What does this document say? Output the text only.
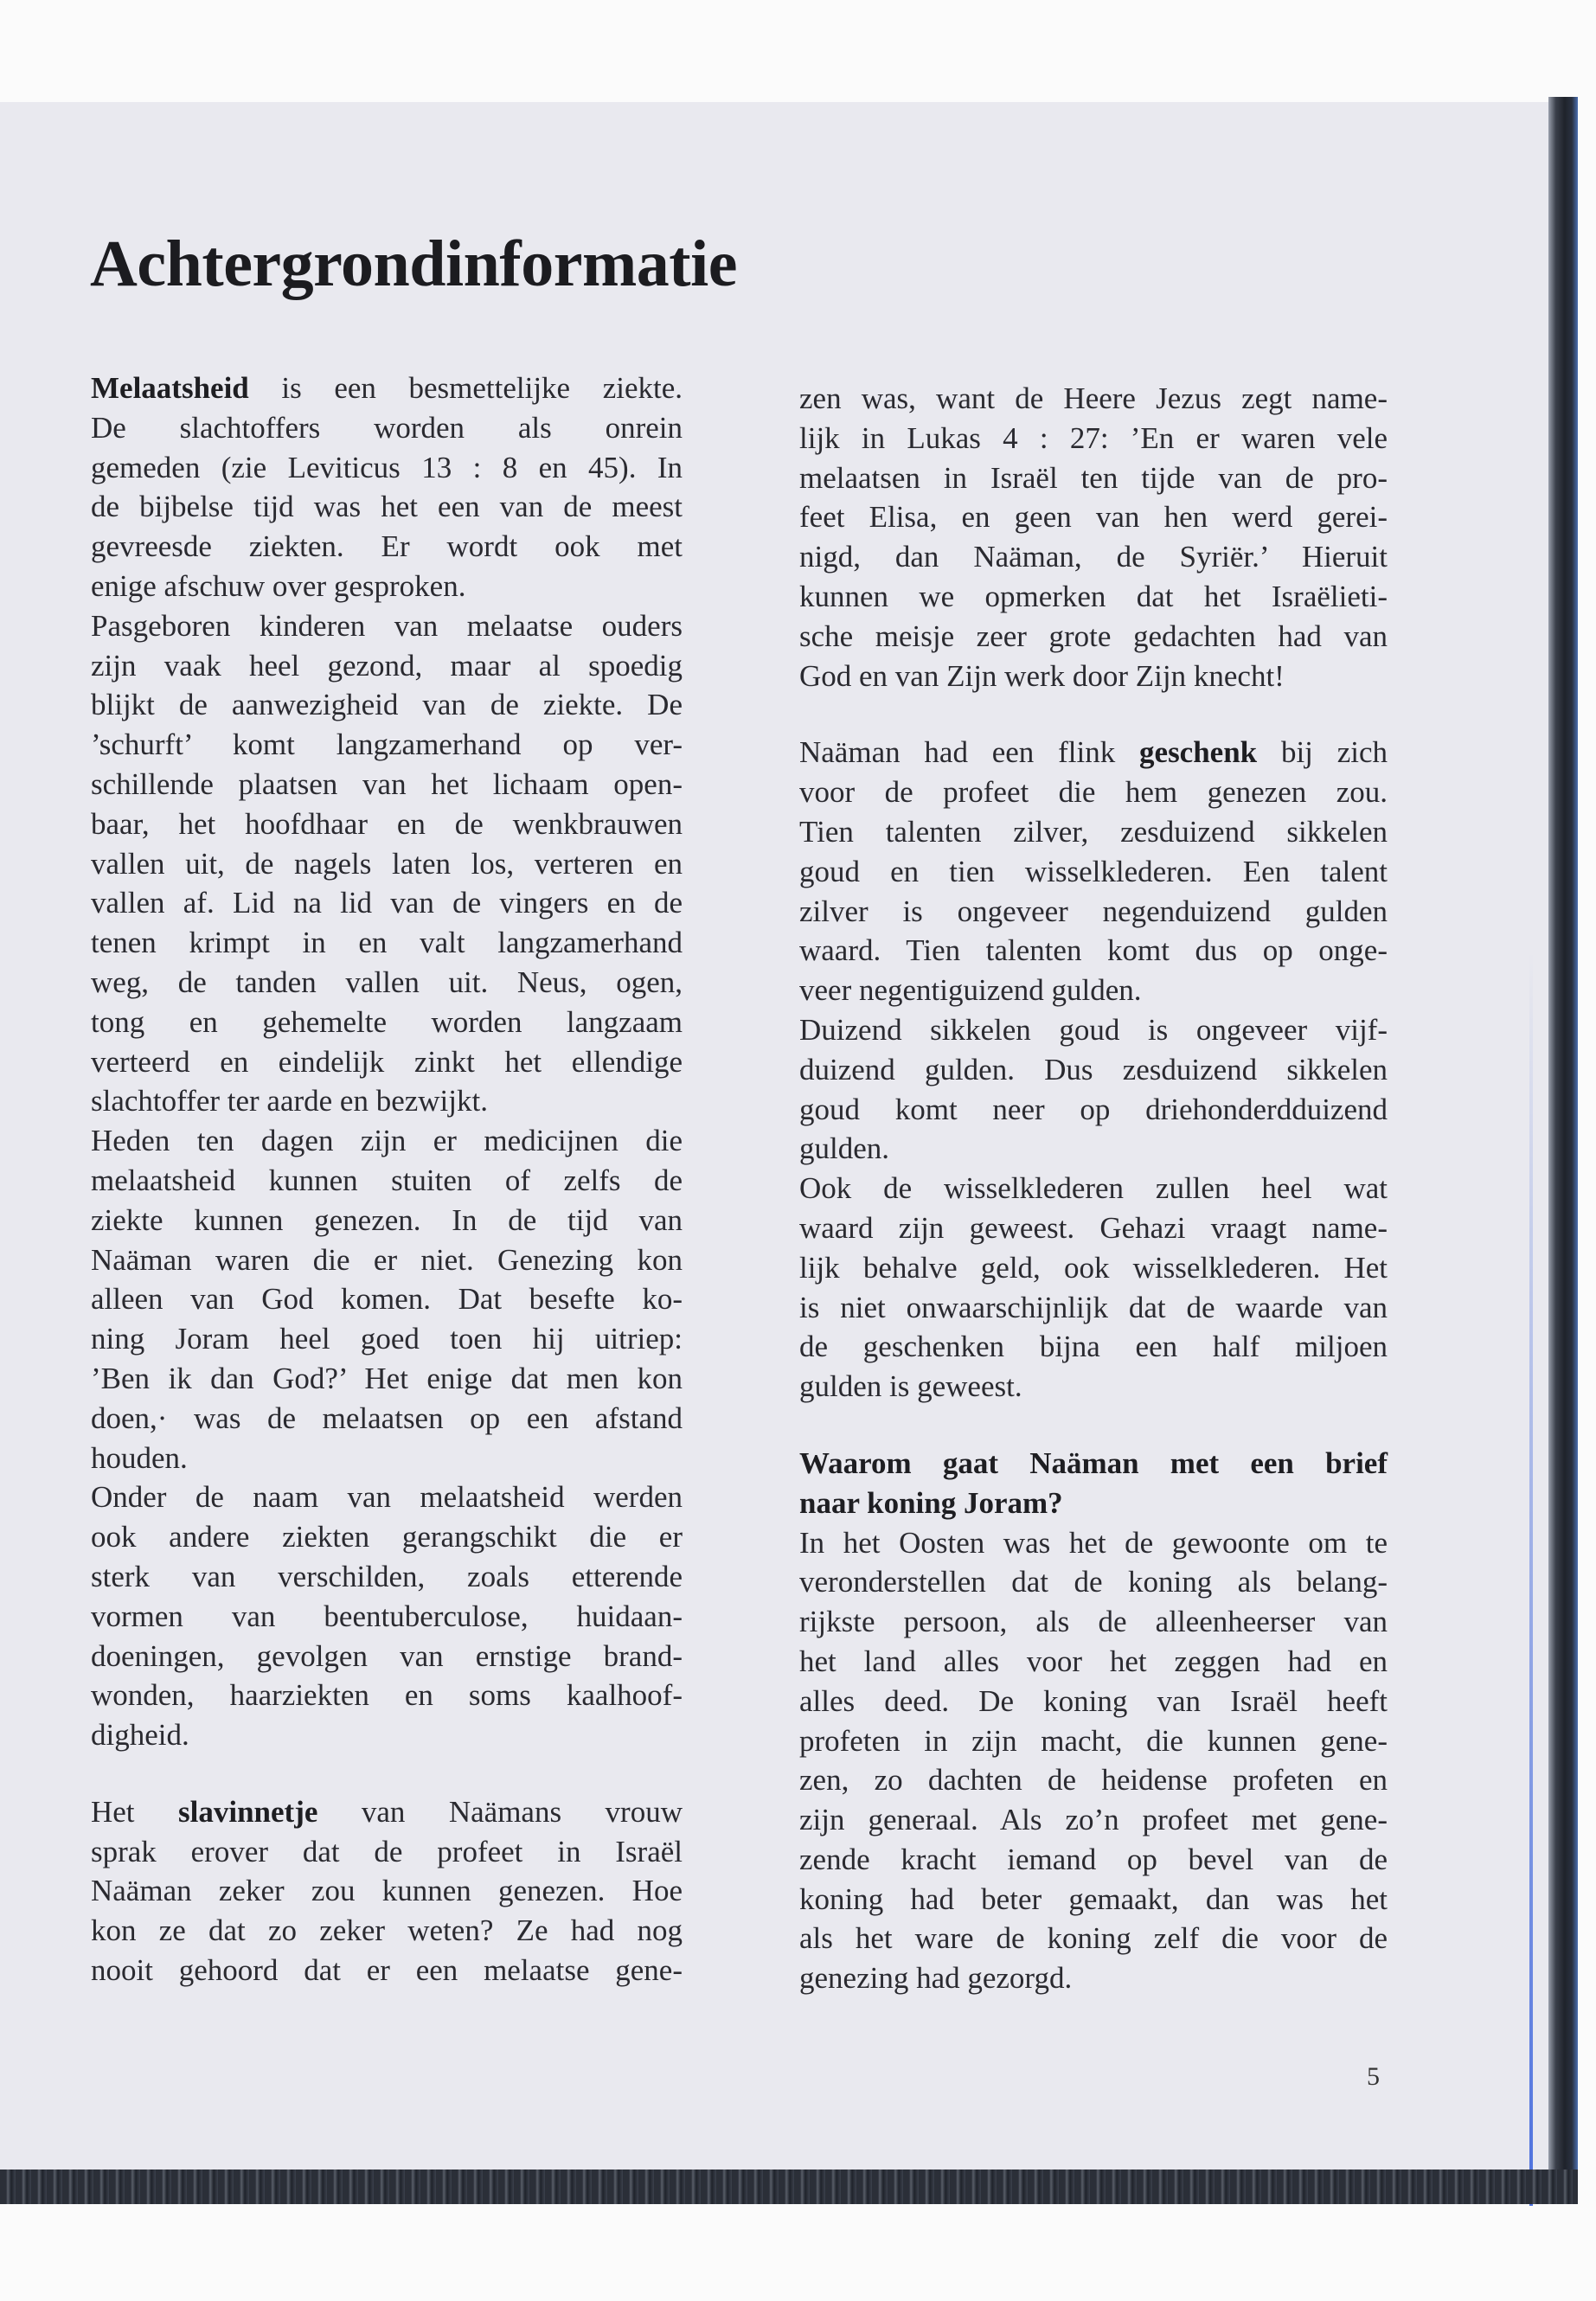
Achtergrondinformatie
Melaatsheid is een besmettelijke ziekte.
De slachtoffers worden als onrein
gemeden (zie Leviticus 13 : 8 en 45). In
de bijbelse tijd was het een van de meest
gevreesde ziekten. Er wordt ook met
enige afschuw over gesproken.
Pasgeboren kinderen van melaatse ouders
zijn vaak heel gezond, maar al spoedig
blijkt de aanwezigheid van de ziekte. De
’schurft’ komt langzamerhand op ver-
schillende plaatsen van het lichaam open-
baar, het hoofdhaar en de wenkbrauwen
vallen uit, de nagels laten los, verteren en
vallen af. Lid na lid van de vingers en de
tenen krimpt in en valt langzamerhand
weg, de tanden vallen uit. Neus, ogen,
tong en gehemelte worden langzaam
verteerd en eindelijk zinkt het ellendige
slachtoffer ter aarde en bezwijkt.
Heden ten dagen zijn er medicijnen die
melaatsheid kunnen stuiten of zelfs de
ziekte kunnen genezen. In de tijd van
Naäman waren die er niet. Genezing kon
alleen van God komen. Dat besefte ko-
ning Joram heel goed toen hij uitriep:
’Ben ik dan God?’ Het enige dat men kon
doen,· was de melaatsen op een afstand
houden.
Onder de naam van melaatsheid werden
ook andere ziekten gerangschikt die er
sterk van verschilden, zoals etterende
vormen van beentuberculose, huidaan-
doeningen, gevolgen van ernstige brand-
wonden, haarziekten en soms kaalhoof-
digheid.
Het slavinnetje van Naämans vrouw
sprak erover dat de profeet in Israël
Naäman zeker zou kunnen genezen. Hoe
kon ze dat zo zeker weten? Ze had nog
nooit gehoord dat er een melaatse gene-
zen was, want de Heere Jezus zegt name-
lijk in Lukas 4 : 27: ’En er waren vele
melaatsen in Israël ten tijde van de pro-
feet Elisa, en geen van hen werd gerei-
nigd, dan Naäman, de Syriër.’ Hieruit
kunnen we opmerken dat het Israëlieti-
sche meisje zeer grote gedachten had van
God en van Zijn werk door Zijn knecht!
Naäman had een flink geschenk bij zich
voor de profeet die hem genezen zou.
Tien talenten zilver, zesduizend sikkelen
goud en tien wisselklederen. Een talent
zilver is ongeveer negenduizend gulden
waard. Tien talenten komt dus op onge-
veer negentiguizend gulden.
Duizend sikkelen goud is ongeveer vijf-
duizend gulden. Dus zesduizend sikkelen
goud komt neer op driehonderdduizend
gulden.
Ook de wisselklederen zullen heel wat
waard zijn geweest. Gehazi vraagt name-
lijk behalve geld, ook wisselklederen. Het
is niet onwaarschijnlijk dat de waarde van
de geschenken bijna een half miljoen
gulden is geweest.
Waarom gaat Naäman met een brief
naar koning Joram?
In het Oosten was het de gewoonte om te
veronderstellen dat de koning als belang-
rijkste persoon, als de alleenheerser van
het land alles voor het zeggen had en
alles deed. De koning van Israël heeft
profeten in zijn macht, die kunnen gene-
zen, zo dachten de heidense profeten en
zijn generaal. Als zo’n profeet met gene-
zende kracht iemand op bevel van de
koning had beter gemaakt, dan was het
als het ware de koning zelf die voor de
genezing had gezorgd.
5
